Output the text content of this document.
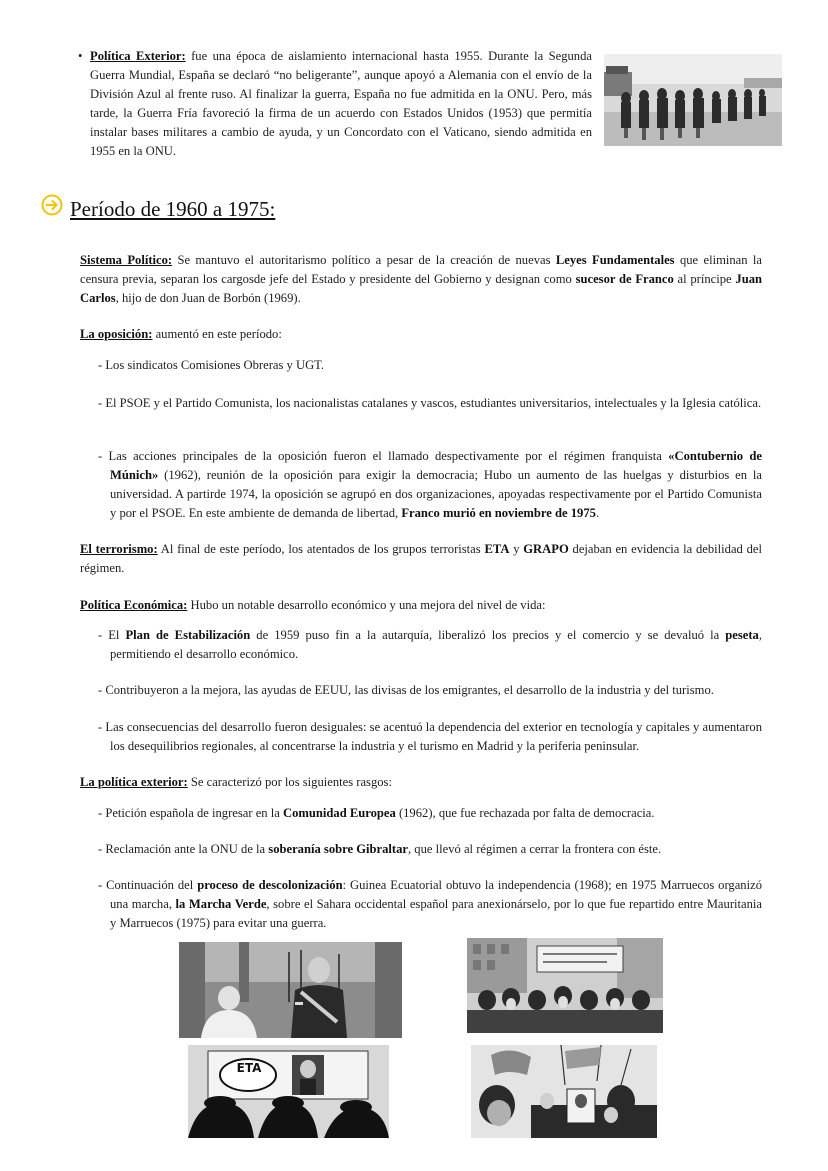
• Política Exterior: fue una época de aislamiento internacional hasta 1955. Durante la Segunda Guerra Mundial, España se declaró “no beligerante”, aunque apoyó a Alemania con el envío de la División Azul al frente ruso. Al finalizar la guerra, España no fue admitida en la ONU. Pero, más tarde, la Guerra Fría favoreció la firma de un acuerdo con Estados Unidos (1953) que permitía instalar bases militares a cambio de ayuda, y un Concordato con el Vaticano, siendo admitida en 1955 en la ONU.
Período de 1960 a 1975:
Sistema Político: Se mantuvo el autoritarismo político a pesar de la creación de nuevas Leyes Fundamentales que eliminan la censura previa, separan los cargosde jefe del Estado y presidente del Gobierno y designan como sucesor de Franco al príncipe Juan Carlos, hijo de don Juan de Borbón (1969).
La oposición: aumentó en este período:
- Los sindicatos Comisiones Obreras y UGT.
- El PSOE y el Partido Comunista, los nacionalistas catalanes y vascos, estudiantes universitarios, intelectuales y la Iglesia católica.
- Las acciones principales de la oposición fueron el llamado despectivamente por el régimen franquista «Contubernio de Múnich» (1962), reunión de la oposición para exigir la democracia; Hubo un aumento de las huelgas y disturbios en la universidad. A partirde 1974, la oposición se agrupó en dos organizaciones, apoyadas respectivamente por el Partido Comunista y por el PSOE. En este ambiente de demanda de libertad, Franco murió en noviembre de 1975.
El terrorismo: Al final de este período, los atentados de los grupos terroristas ETA y GRAPO dejaban en evidencia la debilidad del régimen.
Política Económica: Hubo un notable desarrollo económico y una mejora del nivel de vida:
- El Plan de Estabilización de 1959 puso fin a la autarquía, liberalizó los precios y el comercio y se devaluó la peseta, permitiendo el desarrollo económico.
- Contribuyeron a la mejora, las ayudas de EEUU, las divisas de los emigrantes, el desarrollo de la industria y del turismo.
- Las consecuencias del desarrollo fueron desiguales: se acentuó la dependencia del exterior en tecnología y capitales y aumentaron los desequilibrios regionales, al concentrarse la industria y el turismo en Madrid y la periferia peninsular.
La política exterior: Se caracterizó por los siguientes rasgos:
- Petición española de ingresar en la Comunidad Europea (1962), que fue rechazada por falta de democracia.
- Reclamación ante la ONU de la soberanía sobre Gibraltar, que llevó al régimen a cerrar la frontera con éste.
- Continuación del proceso de descolonización: Guinea Ecuatorial obtuvo la independencia (1968); en 1975 Marruecos organizó una marcha, la Marcha Verde, sobre el Sahara occidental español para anexionárselo, por lo que fue repartido entre Mauritania y Marruecos (1975) para evitar una guerra.
ETA
